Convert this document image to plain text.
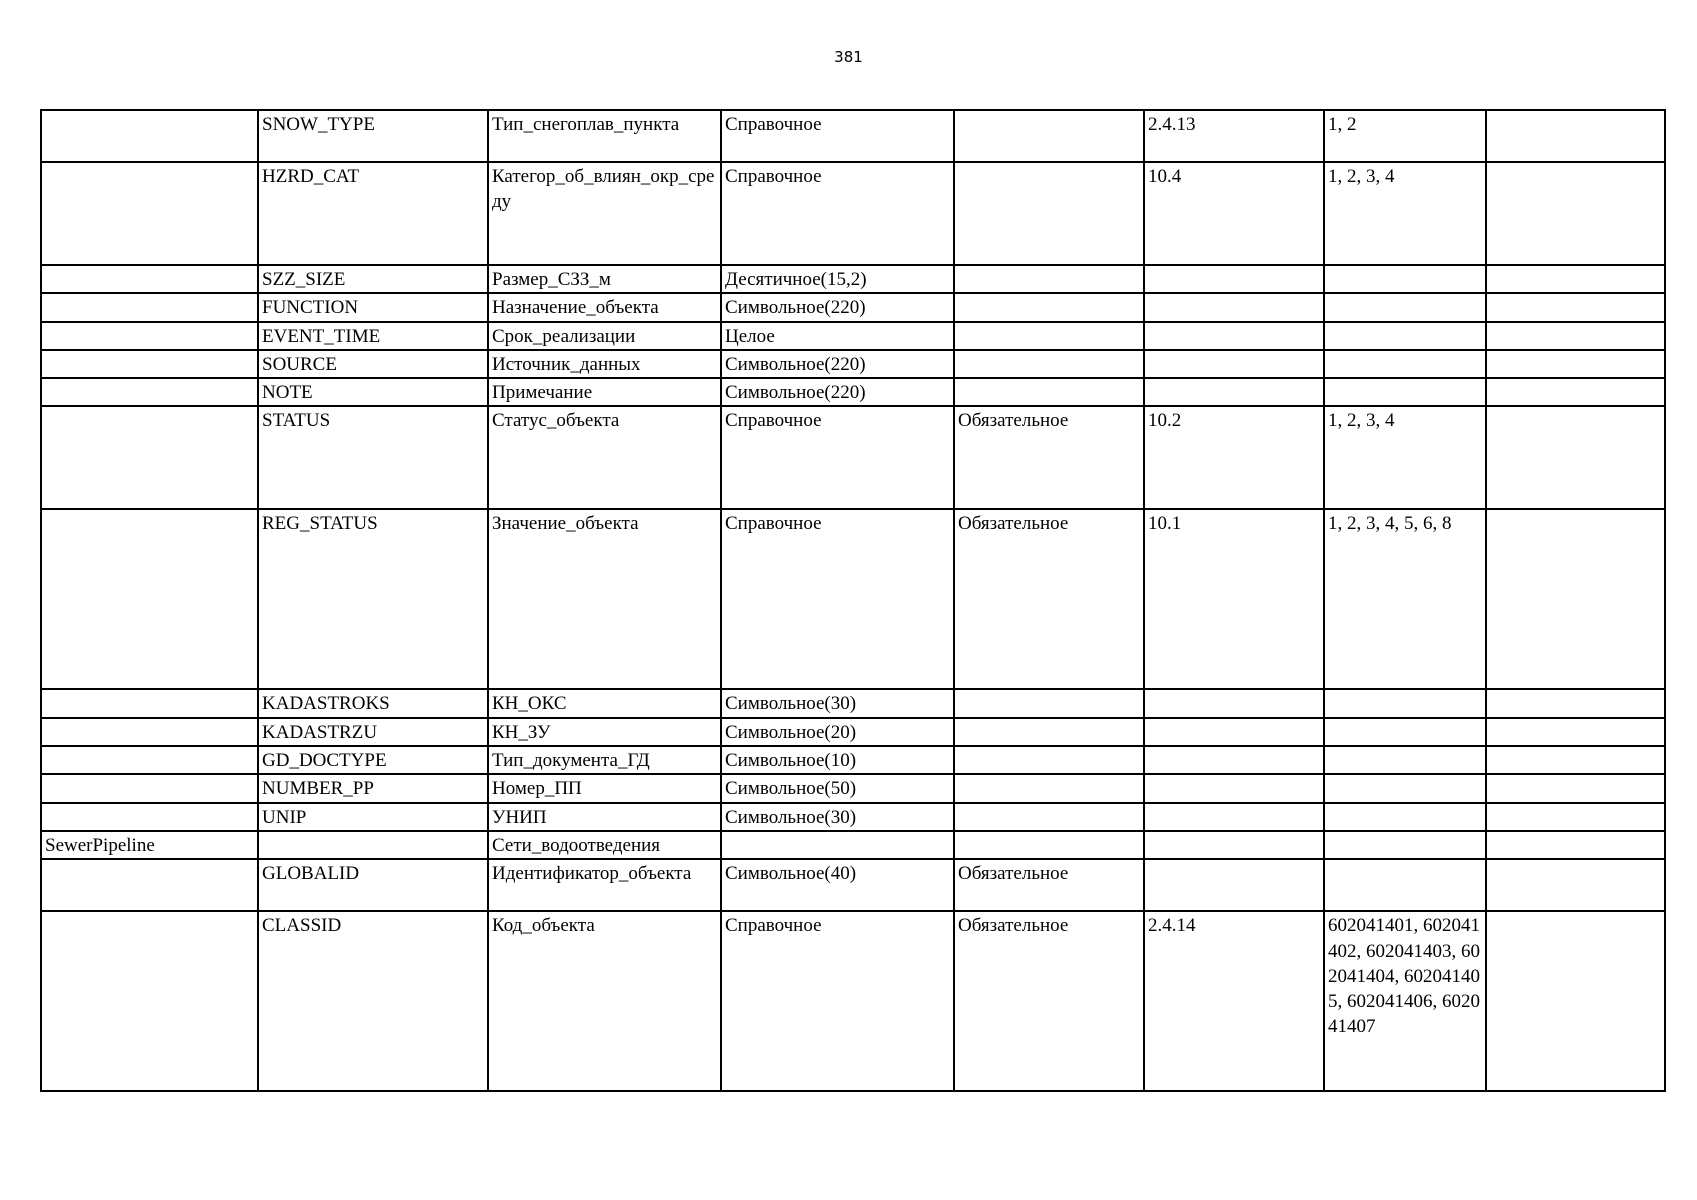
381
	SNOW_TYPE	Тип_снегоплав_пункта	Справочное		2.4.13	1, 2	
	HZRD_CAT	Категор_об_влиян_окр_среду	Справочное		10.4	1, 2, 3, 4	
	SZZ_SIZE	Размер_СЗЗ_м	Десятичное(15,2)				
	FUNCTION	Назначение_объекта	Символьное(220)				
	EVENT_TIME	Срок_реализации	Целое				
	SOURCE	Источник_данных	Символьное(220)				
	NOTE	Примечание	Символьное(220)				
	STATUS	Статус_объекта	Справочное	Обязательное	10.2	1, 2, 3, 4	
	REG_STATUS	Значение_объекта	Справочное	Обязательное	10.1	1, 2, 3, 4, 5, 6, 8	
	KADASTROKS	КН_ОКС	Символьное(30)				
	KADASTRZU	КН_ЗУ	Символьное(20)				
	GD_DOCTYPE	Тип_документа_ГД	Символьное(10)				
	NUMBER_PP	Номер_ПП	Символьное(50)				
	UNIP	УНИП	Символьное(30)				
SewerPipeline		Сети_водоотведения					
	GLOBALID	Идентификатор_объекта	Символьное(40)	Обязательное			
	CLASSID	Код_объекта	Справочное	Обязательное	2.4.14	602041401, 602041402, 602041403, 602041404, 602041405, 602041406, 602041407	
